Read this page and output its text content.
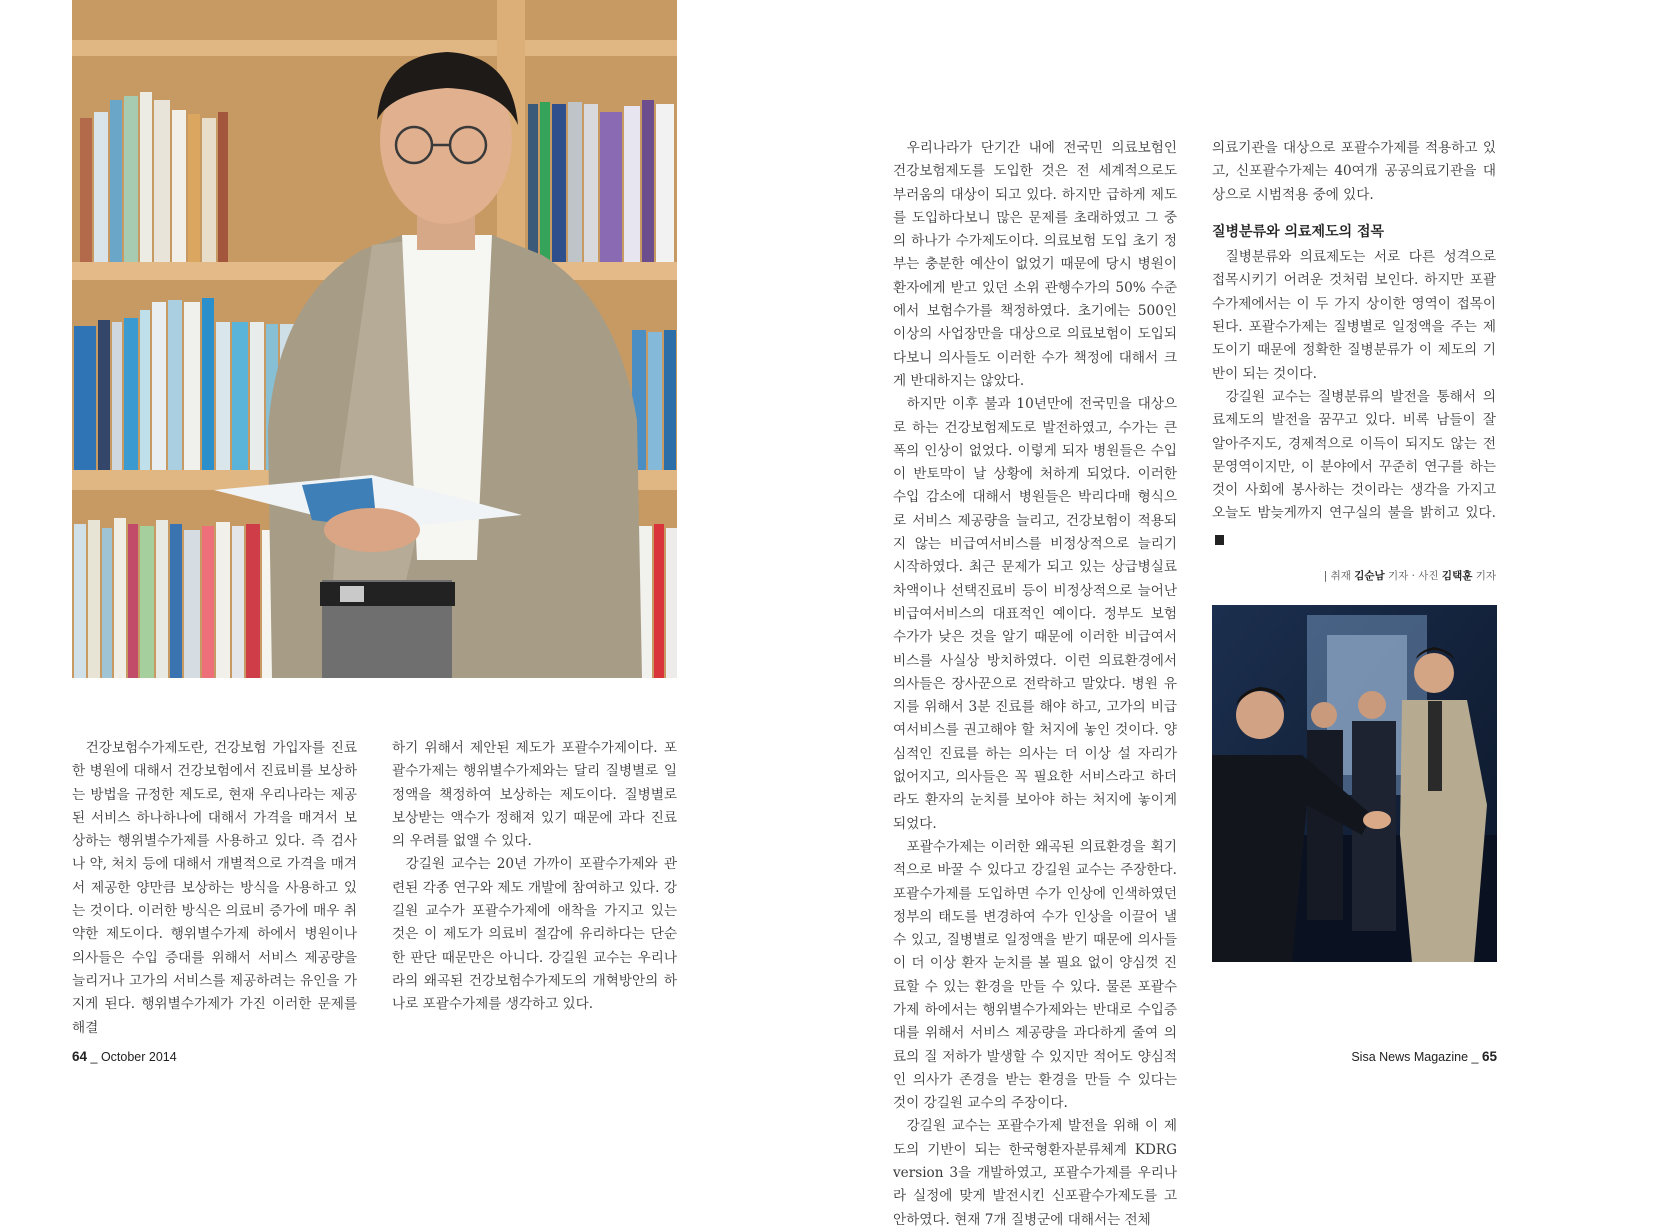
건강보험수가제도란, 건강보험 가입자를 진료한 병원에 대해서 건강보험에서 진료비를 보상하는 방법을 규정한 제도로, 현재 우리나라는 제공된 서비스 하나하나에 대해서 가격을 매겨서 보상하는 행위별수가제를 사용하고 있다. 즉 검사나 약, 처치 등에 대해서 개별적으로 가격을 매겨서 제공한 양만큼 보상하는 방식을 사용하고 있는 것이다. 이러한 방식은 의료비 증가에 매우 취약한 제도이다. 행위별수가제 하에서 병원이나 의사들은 수입 증대를 위해서 서비스 제공량을 늘리거나 고가의 서비스를 제공하려는 유인을 가지게 된다. 행위별수가제가 가진 이러한 문제를 해결

하기 위해서 제안된 제도가 포괄수가제이다. 포괄수가제는 행위별수가제와는 달리 질병별로 일정액을 책정하여 보상하는 제도이다. 질병별로 보상받는 액수가 정해져 있기 때문에 과다 진료의 우려를 없앨 수 있다.

강길원 교수는 20년 가까이 포괄수가제와 관련된 각종 연구와 제도 개발에 참여하고 있다. 강길원 교수가 포괄수가제에 애착을 가지고 있는 것은 이 제도가 의료비 절감에 유리하다는 단순한 판단 때문만은 아니다. 강길원 교수는 우리나라의 왜곡된 건강보험수가제도의 개혁방안의 하나로 포괄수가제를 생각하고 있다.

우리나라가 단기간 내에 전국민 의료보험인 건강보험제도를 도입한 것은 전 세계적으로도 부러움의 대상이 되고 있다. 하지만 급하게 제도를 도입하다보니 많은 문제를 초래하였고 그 중의 하나가 수가제도이다. 의료보험 도입 초기 정부는 충분한 예산이 없었기 때문에 당시 병원이 환자에게 받고 있던 소위 관행수가의 50% 수준에서 보험수가를 책정하였다. 초기에는 500인 이상의 사업장만을 대상으로 의료보험이 도입되다보니 의사들도 이러한 수가 책정에 대해서 크게 반대하지는 않았다.

하지만 이후 불과 10년만에 전국민을 대상으로 하는 건강보험제도로 발전하였고, 수가는 큰 폭의 인상이 없었다. 이렇게 되자 병원들은 수입이 반토막이 날 상황에 처하게 되었다. 이러한 수입 감소에 대해서 병원들은 박리다매 형식으로 서비스 제공량을 늘리고, 건강보험이 적용되지 않는 비급여서비스를 비정상적으로 늘리기 시작하였다. 최근 문제가 되고 있는 상급병실료차액이나 선택진료비 등이 비정상적으로 늘어난 비급여서비스의 대표적인 예이다. 정부도 보험수가가 낮은 것을 알기 때문에 이러한 비급여서비스를 사실상 방치하였다. 이런 의료환경에서 의사들은 장사꾼으로 전락하고 말았다. 병원 유지를 위해서 3분 진료를 해야 하고, 고가의 비급여서비스를 권고해야 할 처지에 놓인 것이다. 양심적인 진료를 하는 의사는 더 이상 설 자리가 없어지고, 의사들은 꼭 필요한 서비스라고 하더라도 환자의 눈치를 보아야 하는 처지에 놓이게 되었다.

포괄수가제는 이러한 왜곡된 의료환경을 획기적으로 바꿀 수 있다고 강길원 교수는 주장한다. 포괄수가제를 도입하면 수가 인상에 인색하였던 정부의 태도를 변경하여 수가 인상을 이끌어 낼 수 있고, 질병별로 일정액을 받기 때문에 의사들이 더 이상 환자 눈치를 볼 필요 없이 양심껏 진료할 수 있는 환경을 만들 수 있다. 물론 포괄수가제 하에서는 행위별수가제와는 반대로 수입증대를 위해서 서비스 제공량을 과다하게 줄여 의료의 질 저하가 발생할 수 있지만 적어도 양심적인 의사가 존경을 받는 환경을 만들 수 있다는 것이 강길원 교수의 주장이다.

강길원 교수는 포괄수가제 발전을 위해 이 제도의 기반이 되는 한국형환자분류체계 KDRG version 3을 개발하였고, 포괄수가제를 우리나라 실정에 맞게 발전시킨 신포괄수가제도를 고안하였다. 현재 7개 질병군에 대해서는 전체

의료기관을 대상으로 포괄수가제를 적용하고 있고, 신포괄수가제는 40여개 공공의료기관을 대상으로 시범적용 중에 있다.

질병분류와 의료제도의 접목

질병분류와 의료제도는 서로 다른 성격으로 접목시키기 어려운 것처럼 보인다. 하지만 포괄수가제에서는 이 두 가지 상이한 영역이 접목이 된다. 포괄수가제는 질병별로 일정액을 주는 제도이기 때문에 정확한 질병분류가 이 제도의 기반이 되는 것이다.

강길원 교수는 질병분류의 발전을 통해서 의료제도의 발전을 꿈꾸고 있다. 비록 남들이 잘 알아주지도, 경제적으로 이득이 되지도 않는 전문영역이지만, 이 분야에서 꾸준히 연구를 하는 것이 사회에 봉사하는 것이라는 생각을 가지고 오늘도 밤늦게까지 연구실의 불을 밝히고 있다.S

| 취재 김순남 기자 · 사진 김택훈 기자
64 _ October 2014	Sisa News Magazine _ 65
